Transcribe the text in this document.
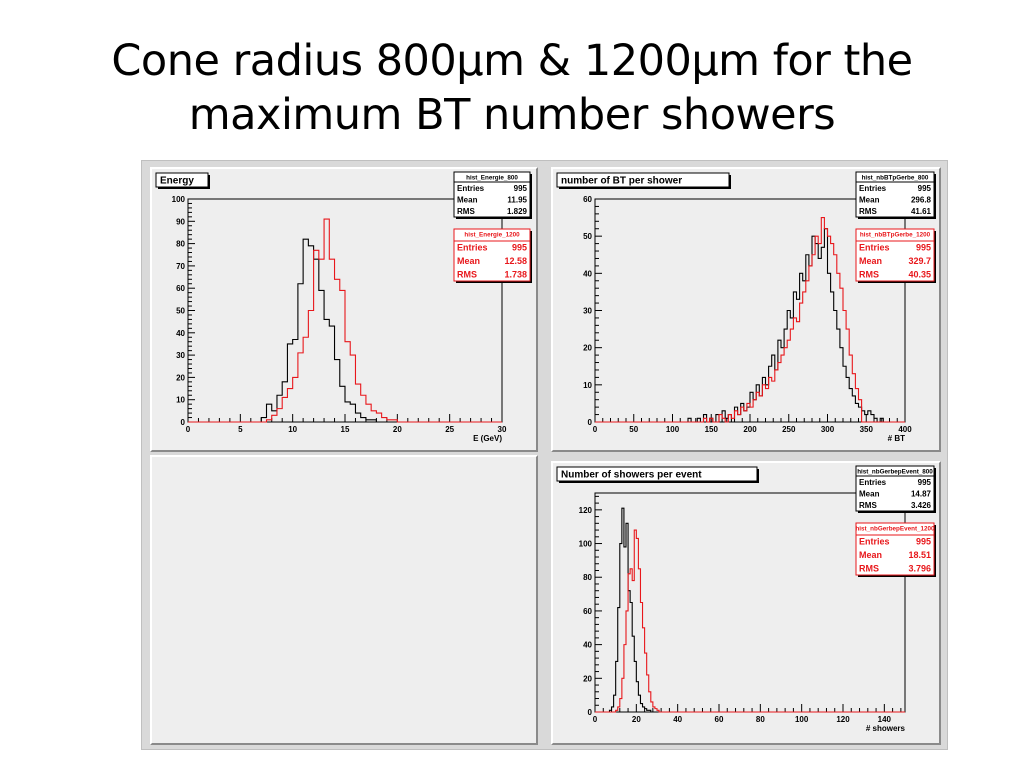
Cone radius 800µm & 1200µm for the
maximum BT number showers
0
10
20
30
40
50
60
70
80
90
100
0	5	10	15	20	25	30
E (GeV)
Energy	hist_Energie_800
Entries	995
Mean	11.95
RMS	1.829
hist_Energie_1200
Entries	995
Mean	12.58
RMS	1.738
0
10
20
30
40
50
60
0	50	100	150	200	250	300	350	400
# BT
number of BT per shower	hist_nbBTpGerbe_800
Entries	995
Mean	296.8
RMS	41.61
hist_nbBTpGerbe_1200
Entries	995
Mean	329.7
RMS	40.35
0
20
40
60
80
100
120
0	20	40	60	80	100	120	140
# showers
Number of showers per event	hist_nbGerbepEvent_800
Entries	995
Mean	14.87
RMS	3.426
hist_nbGerbepEvent_1200
Entries	995
Mean	18.51
RMS	3.796
